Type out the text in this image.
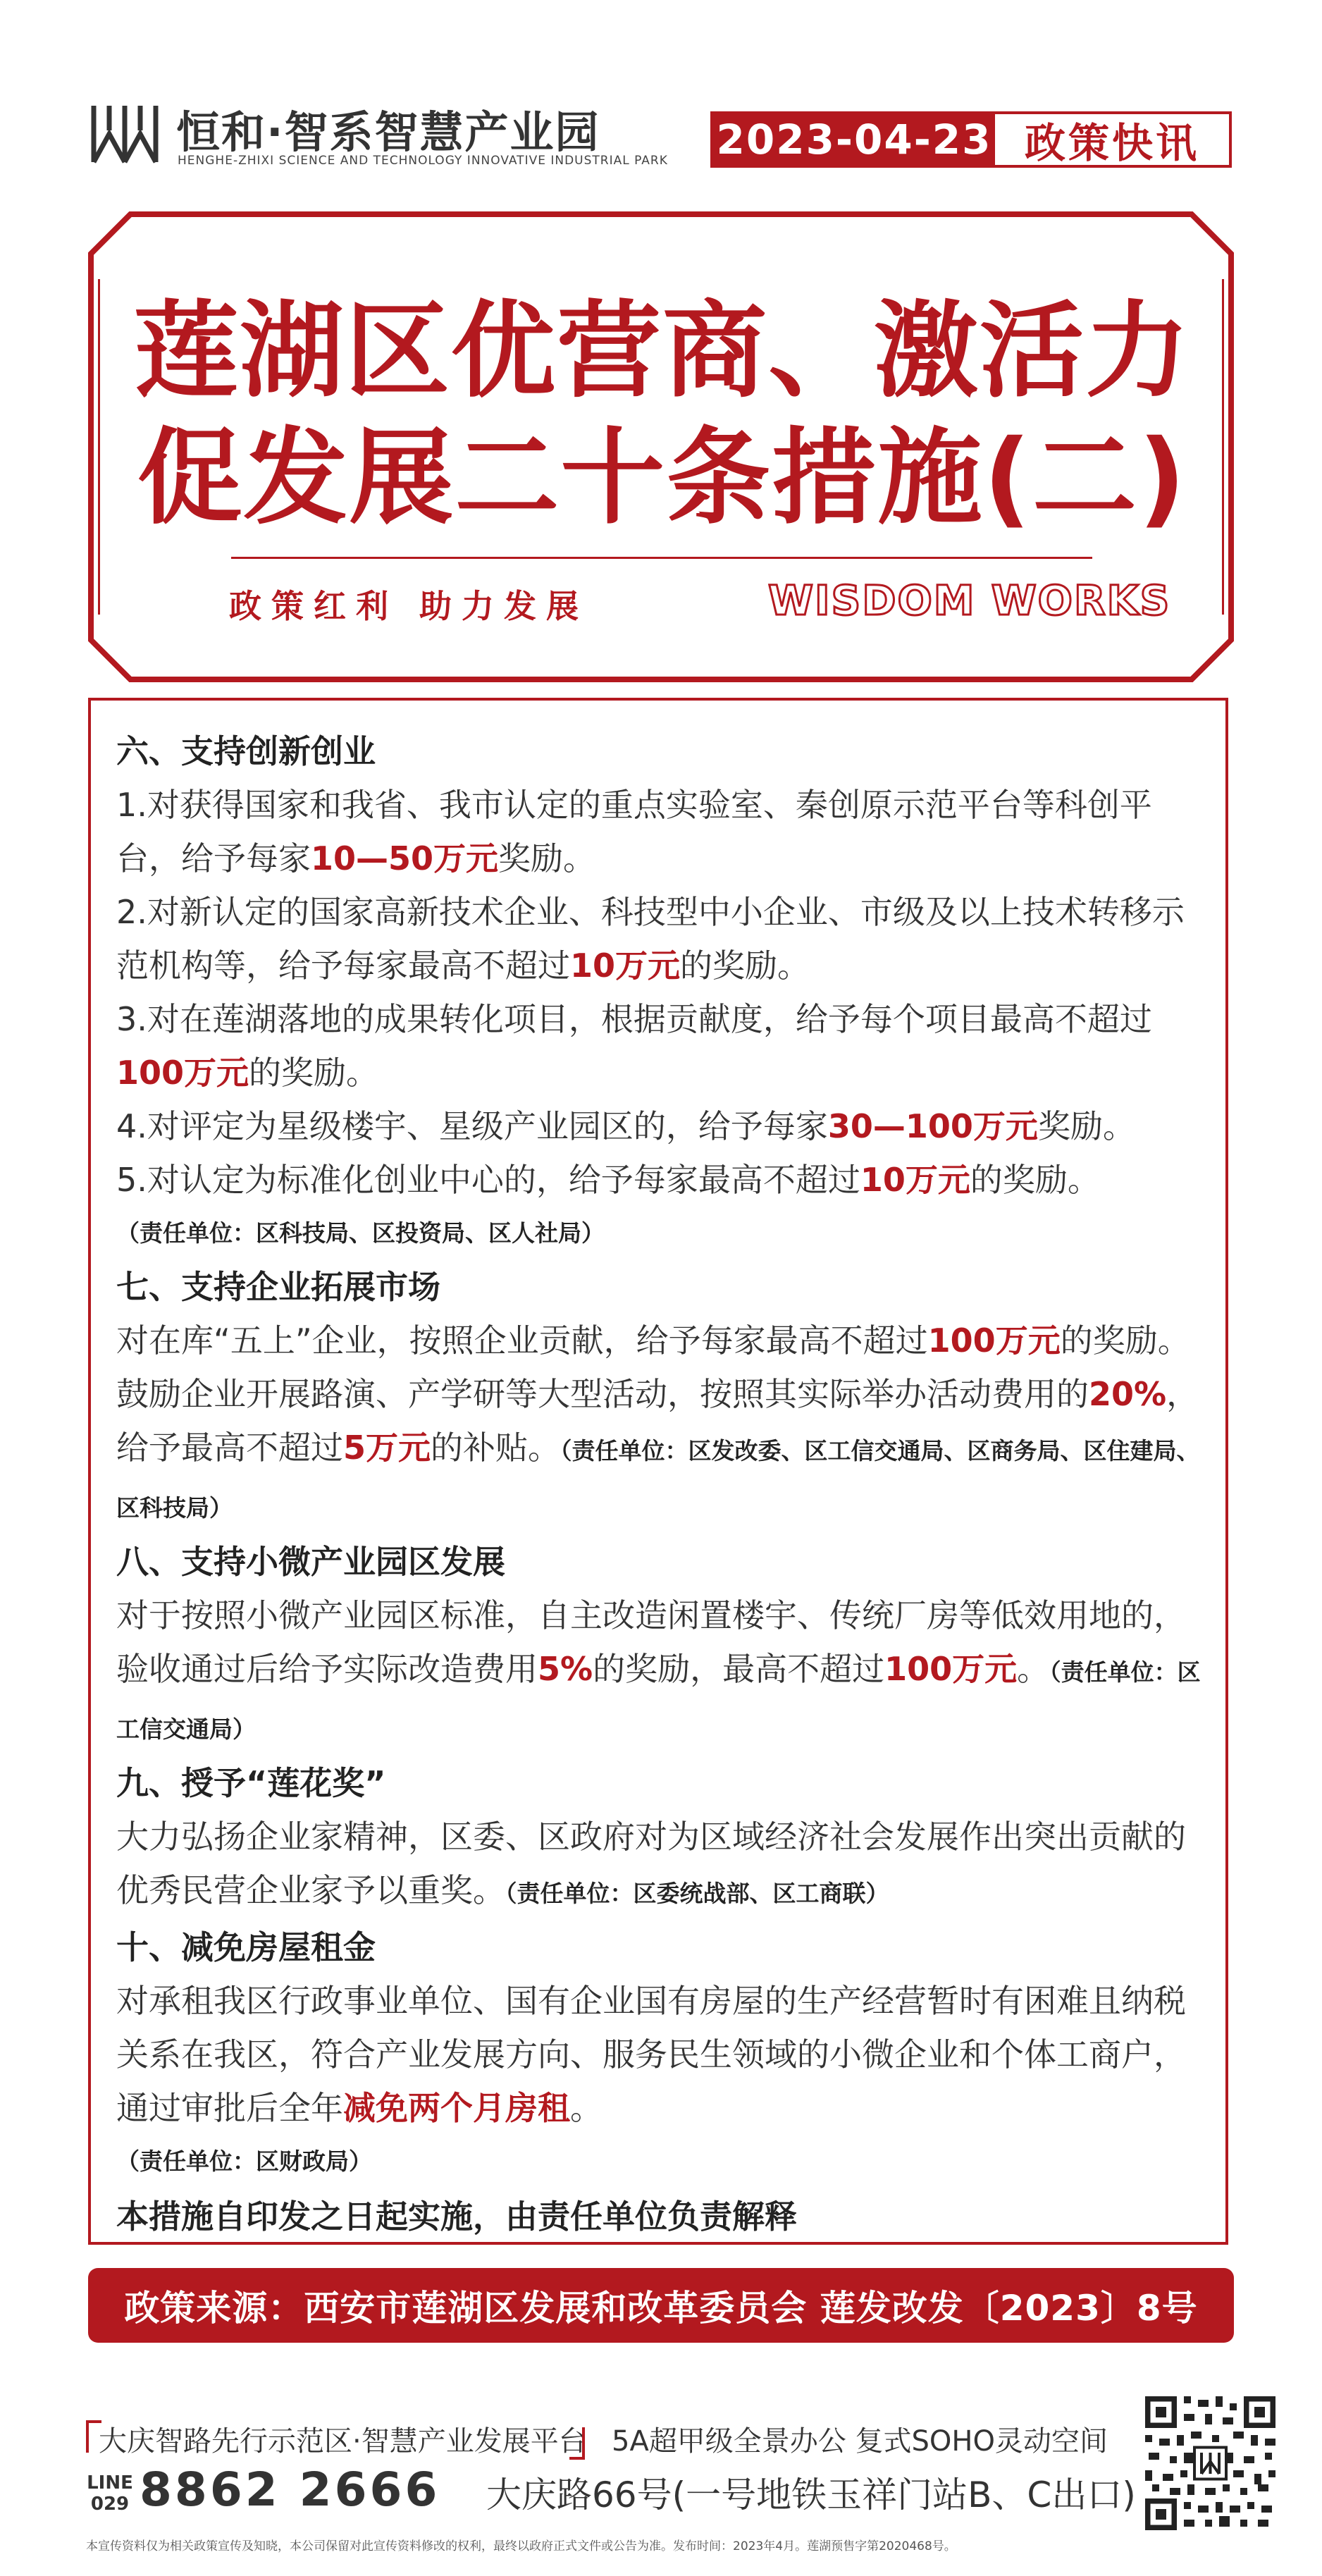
恒和·智系智慧产业园
HENGHE-ZHIXI SCIENCE AND TECHNOLOGY INNOVATIVE INDUSTRIAL PARK 2023-04-23 政策快讯
莲湖区优营商、激活力
促发展二十条措施(二)
政策红利 助力发展	WISDOM WORKS
六、支持创新创业
1.对获得国家和我省、我市认定的重点实验室、秦创原示范平台等科创平台，给予每家10—50万元奖励。
2.对新认定的国家高新技术企业、科技型中小企业、市级及以上技术转移示范机构等，给予每家最高不超过10万元的奖励。
3.对在莲湖落地的成果转化项目，根据贡献度，给予每个项目最高不超过100万元的奖励。
4.对评定为星级楼宇、星级产业园区的，给予每家30—100万元奖励。
5.对认定为标准化创业中心的，给予每家最高不超过10万元的奖励。
（责任单位：区科技局、区投资局、区人社局）
七、支持企业拓展市场
对在库“五上”企业，按照企业贡献，给予每家最高不超过100万元的奖励。鼓励企业开展路演、产学研等大型活动，按照其实际举办活动费用的20%，给予最高不超过5万元的补贴。（责任单位：区发改委、区工信交通局、区商务局、区住建局、区科技局）
八、支持小微产业园区发展
对于按照小微产业园区标准，自主改造闲置楼宇、传统厂房等低效用地的，验收通过后给予实际改造费用5%的奖励，最高不超过100万元。（责任单位：区工信交通局）
九、授予“莲花奖”
大力弘扬企业家精神，区委、区政府对为区域经济社会发展作出突出贡献的优秀民营企业家予以重奖。（责任单位：区委统战部、区工商联）
十、减免房屋租金
对承租我区行政事业单位、国有企业国有房屋的生产经营暂时有困难且纳税关系在我区，符合产业发展方向、服务民生领域的小微企业和个体工商户，通过审批后全年减免两个月房租。
（责任单位：区财政局）
本措施自印发之日起实施，由责任单位负责解释
政策来源：西安市莲湖区发展和改革委员会 莲发改发〔2023〕8号
大庆智路先行示范区·智慧产业发展平台 5A超甲级全景办公 复式SOHO灵动空间
LINE
029 8862 2666 大庆路66号(一号地铁玉祥门站B、C出口)
本宣传资料仅为相关政策宣传及知晓，本公司保留对此宣传资料修改的权利，最终以政府正式文件或公告为准。发布时间：2023年4月。莲湖预售字第2020468号。
